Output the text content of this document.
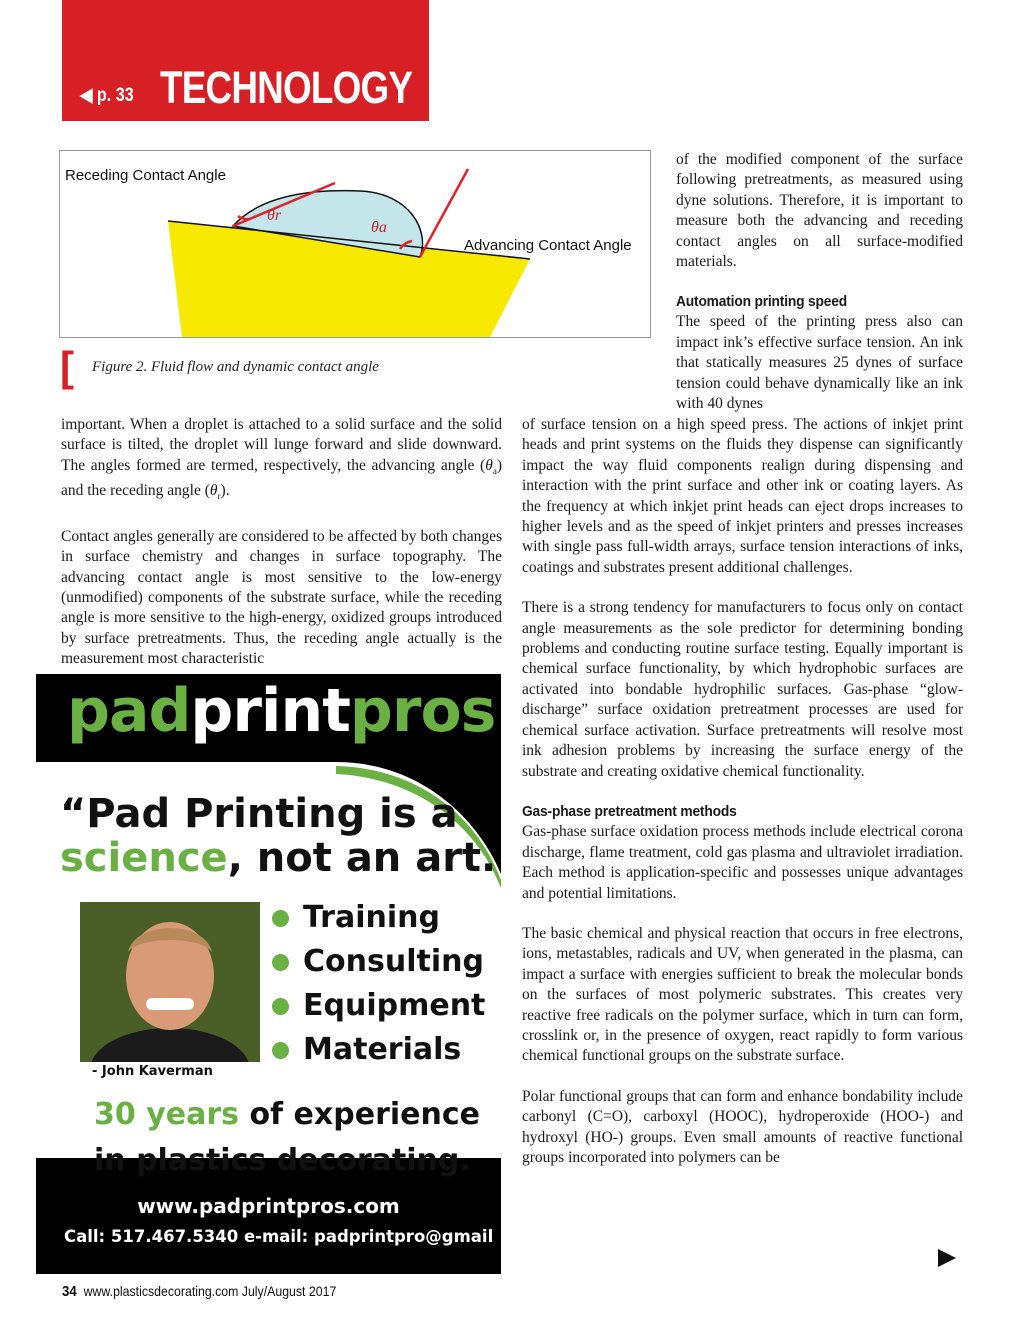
◀ p. 33 TECHNOLOGY
Receding Contact Angle
Advancing Contact Angle
θr
θa
[ Figure 2. Fluid flow and dynamic contact angle

of the modified component of the surface following pretreatments, as measured using dyne solutions. Therefore, it is important to measure both the advancing and receding contact angles on all surface-modified materials.

Automation printing speed

The speed of the printing press also can impact ink’s effective surface tension. An ink that statically measures 25 dynes of surface tension could behave dynamically like an ink with 40 dynes

of surface tension on a high speed press. The actions of inkjet print heads and print systems on the fluids they dispense can significantly impact the way fluid components realign during dispensing and interaction with the print surface and other ink or coating layers. As the frequency at which inkjet print heads can eject drops increases to higher levels and as the speed of inkjet printers and presses increases with single pass full-width arrays, surface tension interactions of inks, coatings and substrates present additional challenges.

There is a strong tendency for manufacturers to focus only on contact angle measurements as the sole predictor for determining bonding problems and conducting routine surface testing. Equally important is chemical surface functionality, by which hydrophobic surfaces are activated into bondable hydrophilic surfaces. Gas-phase “glow-discharge” surface oxidation pretreatment processes are used for chemical surface activation. Surface pretreatments will resolve most ink adhesion problems by increasing the surface energy of the substrate and creating oxidative chemical functionality.

Gas-phase pretreatment methods

Gas-phase surface oxidation process methods include electrical corona discharge, flame treatment, cold gas plasma and ultraviolet irradiation. Each method is application-specific and possesses unique advantages and potential limitations.

The basic chemical and physical reaction that occurs in free electrons, ions, metastables, radicals and UV, when generated in the plasma, can impact a surface with energies sufficient to break the molecular bonds on the surfaces of most polymeric substrates. This creates very reactive free radicals on the polymer surface, which in turn can form, crosslink or, in the presence of oxygen, react rapidly to form various chemical functional groups on the substrate surface.

Polar functional groups that can form and enhance bondability include carbonyl (C=O), carboxyl (HOOC), hydroperoxide (HOO-) and hydroxyl (HO-) groups. Even small amounts of reactive functional groups incorporated into polymers can be

important. When a droplet is attached to a solid surface and the solid surface is tilted, the droplet will lunge forward and slide downward. The angles formed are termed, respectively, the advancing angle $(\theta_a)$ and the receding angle $(\theta_r)$.

Contact angles generally are considered to be affected by both changes in surface chemistry and changes in surface topography. The advancing contact angle is most sensitive to the low-energy (unmodified) components of the substrate surface, while the receding angle is more sensitive to the high-energy, oxidized groups introduced by surface pretreatments. Thus, the receding angle actually is the measurement most characteristic

padprintpros
“Pad Printing is a
science, not an art.
- John Kaverman
Training
Consulting
Equipment
Materials
30 years of experience
in plastics decorating.
www.padprintpros.com
Call: 517.467.5340 e-mail: padprintpro@gmail
34 www.plasticsdecorating.com July/August 2017
